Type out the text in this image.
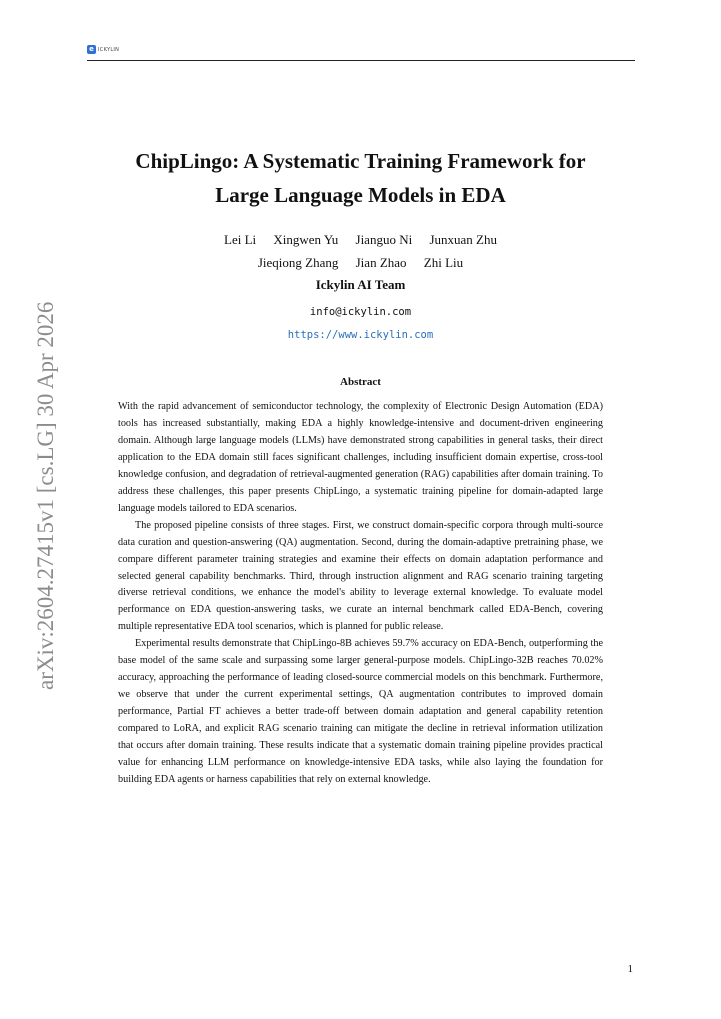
e ICKYLIN
arXiv:2604.27415v1 [cs.LG] 30 Apr 2026
ChipLingo: A Systematic Training Framework for
Large Language Models in EDA
Lei Li Xingwen Yu Jianguo Ni Junxuan Zhu
Jieqiong Zhang Jian Zhao Zhi Liu
Ickylin AI Team
info@ickylin.com
https://www.ickylin.com
Abstract

With the rapid advancement of semiconductor technology, the complexity of Electronic Design Automation (EDA) tools has increased substantially, making EDA a highly knowledge-intensive and document-driven engineering domain. Although large language models (LLMs) have demonstrated strong capabilities in general tasks, their direct application to the EDA domain still faces significant challenges, including insufficient domain expertise, cross-tool knowledge confusion, and degradation of retrieval-augmented generation (RAG) capabilities after domain training. To address these challenges, this paper presents ChipLingo, a systematic training pipeline for domain-adapted large language models tailored to EDA scenarios.

The proposed pipeline consists of three stages. First, we construct domain-specific corpora through multi-source data curation and question-answering (QA) augmentation. Second, during the domain-adaptive pretraining phase, we compare different parameter training strategies and examine their effects on domain adaptation performance and selected general capability benchmarks. Third, through instruction alignment and RAG scenario training targeting diverse retrieval conditions, we enhance the model's ability to leverage external knowledge. To evaluate model performance on EDA question-answering tasks, we curate an internal benchmark called EDA-Bench, covering multiple representative EDA tool scenarios, which is planned for public release.

Experimental results demonstrate that ChipLingo-8B achieves 59.7% accuracy on EDA-Bench, outperforming the base model of the same scale and surpassing some larger general-purpose models. ChipLingo-32B reaches 70.02% accuracy, approaching the performance of leading closed-source commercial models on this benchmark. Furthermore, we observe that under the current experimental settings, QA augmentation contributes to improved domain performance, Partial FT achieves a better trade-off between domain adaptation and general capability retention compared to LoRA, and explicit RAG scenario training can mitigate the decline in retrieval information utilization that occurs after domain training. These results indicate that a systematic domain training pipeline provides practical value for enhancing LLM performance on knowledge-intensive EDA tasks, while also laying the foundation for building EDA agents or harness capabilities that rely on external knowledge.

1
